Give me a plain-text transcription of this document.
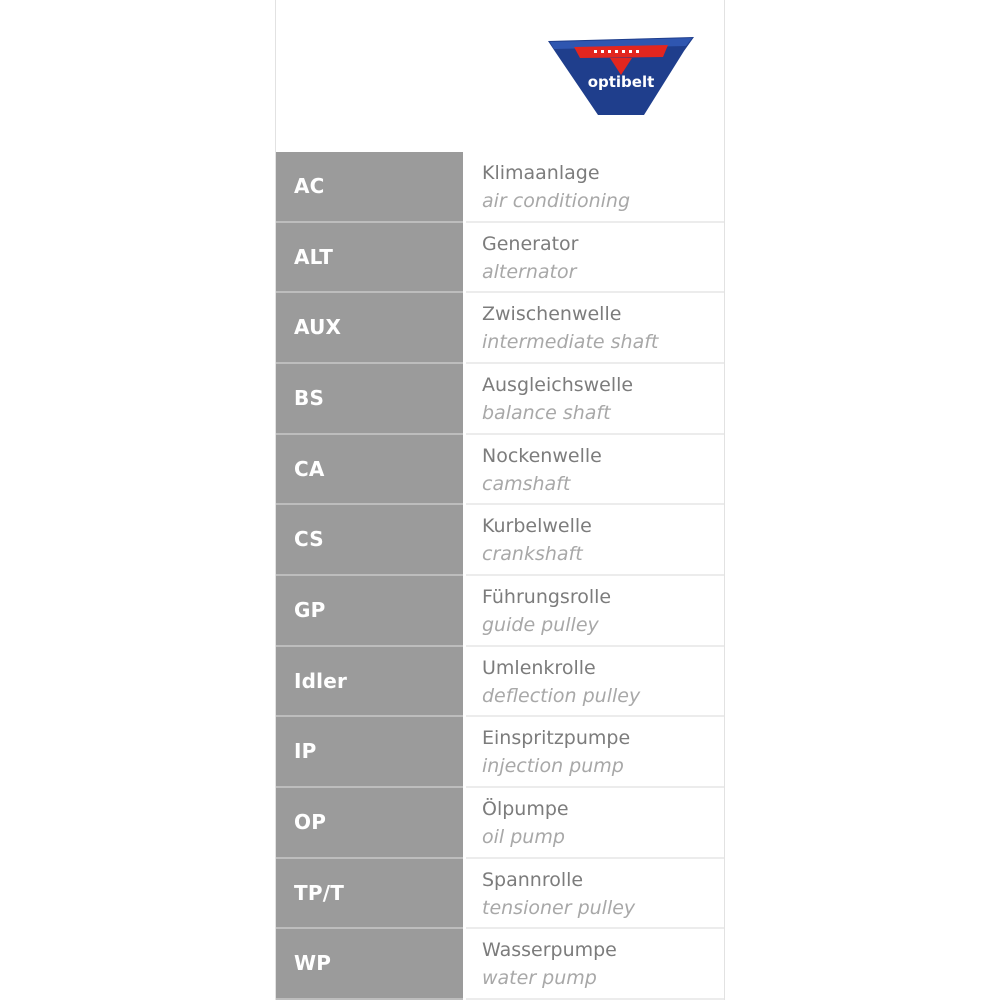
optibelt
AC
Klimaanlage
air conditioning
ALT
Generator
alternator
AUX
Zwischenwelle
intermediate shaft
BS
Ausgleichswelle
balance shaft
CA
Nockenwelle
camshaft
CS
Kurbelwelle
crankshaft
GP
Führungsrolle
guide pulley
Idler
Umlenkrolle
deflection pulley
IP
Einspritzpumpe
injection pump
OP
Ölpumpe
oil pump
TP/T
Spannrolle
tensioner pulley
WP
Wasserpumpe
water pump
